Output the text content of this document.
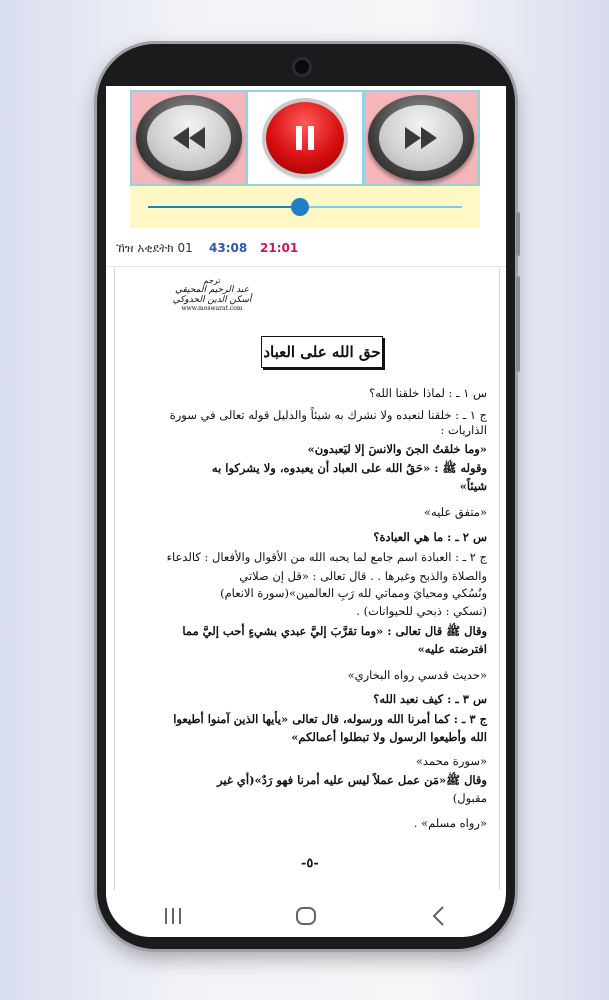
ኸዝ አቂደትክ 01 43:08 21:01
ترجم
عبد الرحيم المحيقي
أسكن الدين الحدوكي
www.moswarat.com
حق الله على العباد
س ١ ـ : لماذا خلقنا الله؟
ج ١ ـ : خلقنا لنعبده ولا نشرك به شيئاً والدليل قوله تعالى في سورة
الذاريات :
«وما خلقتُ الجنَ والانسَ إلا ليَعبدون»
وقوله ﷺ : «حَقُ الله على العباد أن يعبدوه، ولا يشركوا به
شيئاً»
«متفق عليه»
س ٢ ـ : ما هي العبادة؟
ج ٢ ـ : العبادة اسم جامع لما يحبه الله من الأقوال والأفعال : كالدعاء
والصلاة والذبح وغيرها . . قال تعالى : «قل إن صلاتي
ونُسُكي ومحيايَ ومماتي لله رَبِ العالمين»(سورة الانعام)
(نسكي : ذبحي للحيوانات) .
وقال ﷺ قال تعالى : «وما تقرَّبَ إليَّ عبدي بشيءٍ أحب إليَّ مما
افترضته عليه»
«حديث قدسي رواه البخاري»
س ٣ ـ : كيف نعبد الله؟
ج ٣ ـ : كما أمرنا الله ورسوله، قال تعالى «يأيها الذين آمنوا أطيعوا
الله وأطيعوا الرسول ولا تبطلوا أعمالكم»
«سورة محمد»
وقال ﷺ«مَن عمل عملاً ليس عليه أمرنا فهو رَدٌ»(أي غير
مقبول)
«رواه مسلم» .
-٥-
